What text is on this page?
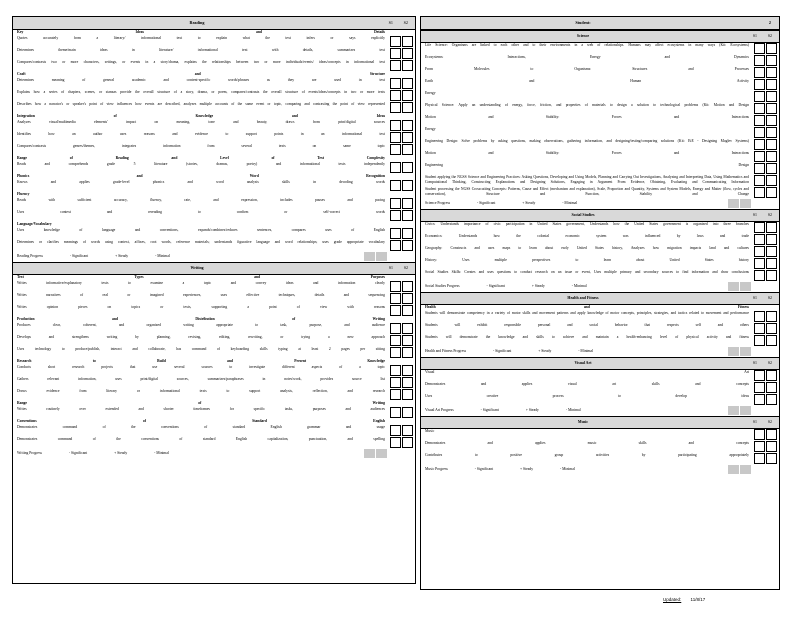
Reading	S1	S2
Key Ideas and Details
Quotes accurately from a literary/ informational text to explain what the text infers or says explicitly
Determines theme/main ideas in literature/ informational text with details, summarizes text
Compares/contrasts two or more characters, settings, or events in a story/drama, explains the relationships between two or more individuals/events/ ideas/concepts in informational text
Craft and Structure
Determines meaning of general academic and content-specific words/phrases as they are used in text
Explains how a series of chapters, scenes, or stanzas provide the overall structure of a story, drama, or poem, compares/contrasts the overall structure of events/ideas/concepts in two or more texts
Describes how a narrator's or speaker's point of view influences how events are described, analyzes multiple accounts of the same event or topic, comparing and contrasting the point of view represented
Integration of Knowledge and Ideas
Analyzes visual/multimedia elements' impact on meaning, tone and beauty, draws from print/digital sources
Identifies how an author uses reasons and evidence to support points in an informational text
Compares/contrasts genres/themes, integrates information from several texts on same topic
Range of Reading and Level of Text Complexity
Reads and comprehends grade 5 literature (stories, dramas, poetry) and informational texts independently
Phonics and Word Recognition
Knows and applies grade-level phonics and word analysis skills in decoding words
Fluency
Reads with sufficient accuracy, fluency, rate, and expression, includes pauses and pacing
Uses context and rereading to confirm or self-correct words
Language/Vocabulary
Uses knowledge of language and conventions, expands/combines/reduces sentences, compares uses of English
Determines or clarifies meanings of words using context, affixes, root words, reference materials; understands figurative language and word relationships; uses grade appropriate vocabulary
Reading Progress	- Significant	+ Steady	- Minimal
Writing	S1	S2
Text Types and Purposes
Writes informative/explanatory texts to examine a topic and convey ideas and information clearly
Writes narratives of real or imagined experiences, uses effective techniques, details and sequencing
Writes opinion pieces on topics or texts, supporting a point of view with reasons
Production and Distribution of Writing
Produces clear, coherent, and organized writing appropriate to task, purpose, and audience
Develops and strengthens writing by planning, revising, editing, rewriting, or trying a new approach
Uses technology to produce/publish, interact and collaborate, has command of keyboarding skills typing at least 2 pages per sitting
Research to Build and Present Knowledge
Conducts short research projects that use several sources to investigate different aspects of a topic
Gathers relevant information, uses print/digital sources, summarizes/paraphrases in notes/work, provides source list
Draws evidence from literary or informational texts to support analysis, reflection, and research
Range of Writing
Writes routinely over extended and shorter timeframes for specific tasks, purposes and audiences
Conventions of Standard English
Demonstrates command of the conventions of standard English grammar and usage
Demonstrates command of the conventions of standard English capitalization, punctuation, and spelling
Writing Progress	- Significant	+ Steady	- Minimal
Student:	2
Science	S1	S2
Life Science: Organisms are linked to each other and to their environments in a web of relationships. Humans may affect ecosystems in many ways (Kit: Ecosystems)
Ecosystems: Interactions, Energy and Dynamics
From Molecules to Organisms: Structures and Processes
Earth and Human Activity
Energy
Physical Science: Apply an understanding of energy, force, friction, and properties of materials to design a solution to technological problems (Kit: Motion and Design
Motion and Stability: Forces and Interactions
Energy
Engineering Design: Solve problems by asking questions, making observations, gathering information, and designing/testing/comparing solutions (Kit: EiE - Designing Maglev Systems)
Motion and Stability: Forces and Interactions
Engineering Design
Student applying the NGSS Science and Engineering Practices: Asking Questions, Developing and Using Models, Planning and Carrying Out Investigations, Analyzing and Interpreting Data, Using Mathematics and Computational Thinking, Constructing Explanations and Designing Solutions, Engaging in Argument From Evidence, Obtaining, Evaluating and Communicating Information
Student processing the NGSS Crosscutting Concepts: Patterns, Cause and Effect (mechanism and explanation), Scale, Proportion and Quantity, Systems and System Models, Energy and Matter (flow, cycles and conservation), Structure and Function, Stability and Change
Science Progress	- Significant	+ Steady	- Minimal
Social Studies	S1	S2
Civics: Understands importance of civic participation in United States government, Understands how the United States government is organized into three branches
Economics: Understands how the colonial economic system was influenced by laws and trade
Geography: Constructs and uses maps to learn about early United States history, Analyzes how migration impacts land and cultures
History: Uses multiple perspectives to learn about United States history
Social Studies Skills: Creates and uses questions to conduct research on an issue or event, Uses multiple primary and secondary sources to find information and draw conclusions
Social Studies Progress	- Significant	+ Steady	- Minimal
Health and Fitness	S1	S2
Health and Fitness
Students will demonstrate competency in a variety of motor skills and movement patterns and apply knowledge of motor concepts, principles, strategies, and tactics related to movement and performance
Students will exhibit responsible personal and social behavior that respects self and others
Students will demonstrate the knowledge and skills to achieve and maintain a health-enhancing level of physical activity and fitness
Health and Fitness Progress	- Significant	+ Steady	- Minimal
Visual Art	S1	S2
Visual Art
Demonstrates and applies visual art skills and concepts
Uses creative process to develop ideas
Visual Art Progress	- Significant	+ Steady	- Minimal
Music	S1	S2
Music
Demonstrates and applies music skills and concepts
Contributes to positive group activities by participating appropriately
Music Progress	- Significant	+ Steady	- Minimal
Updated: 11/8/17
